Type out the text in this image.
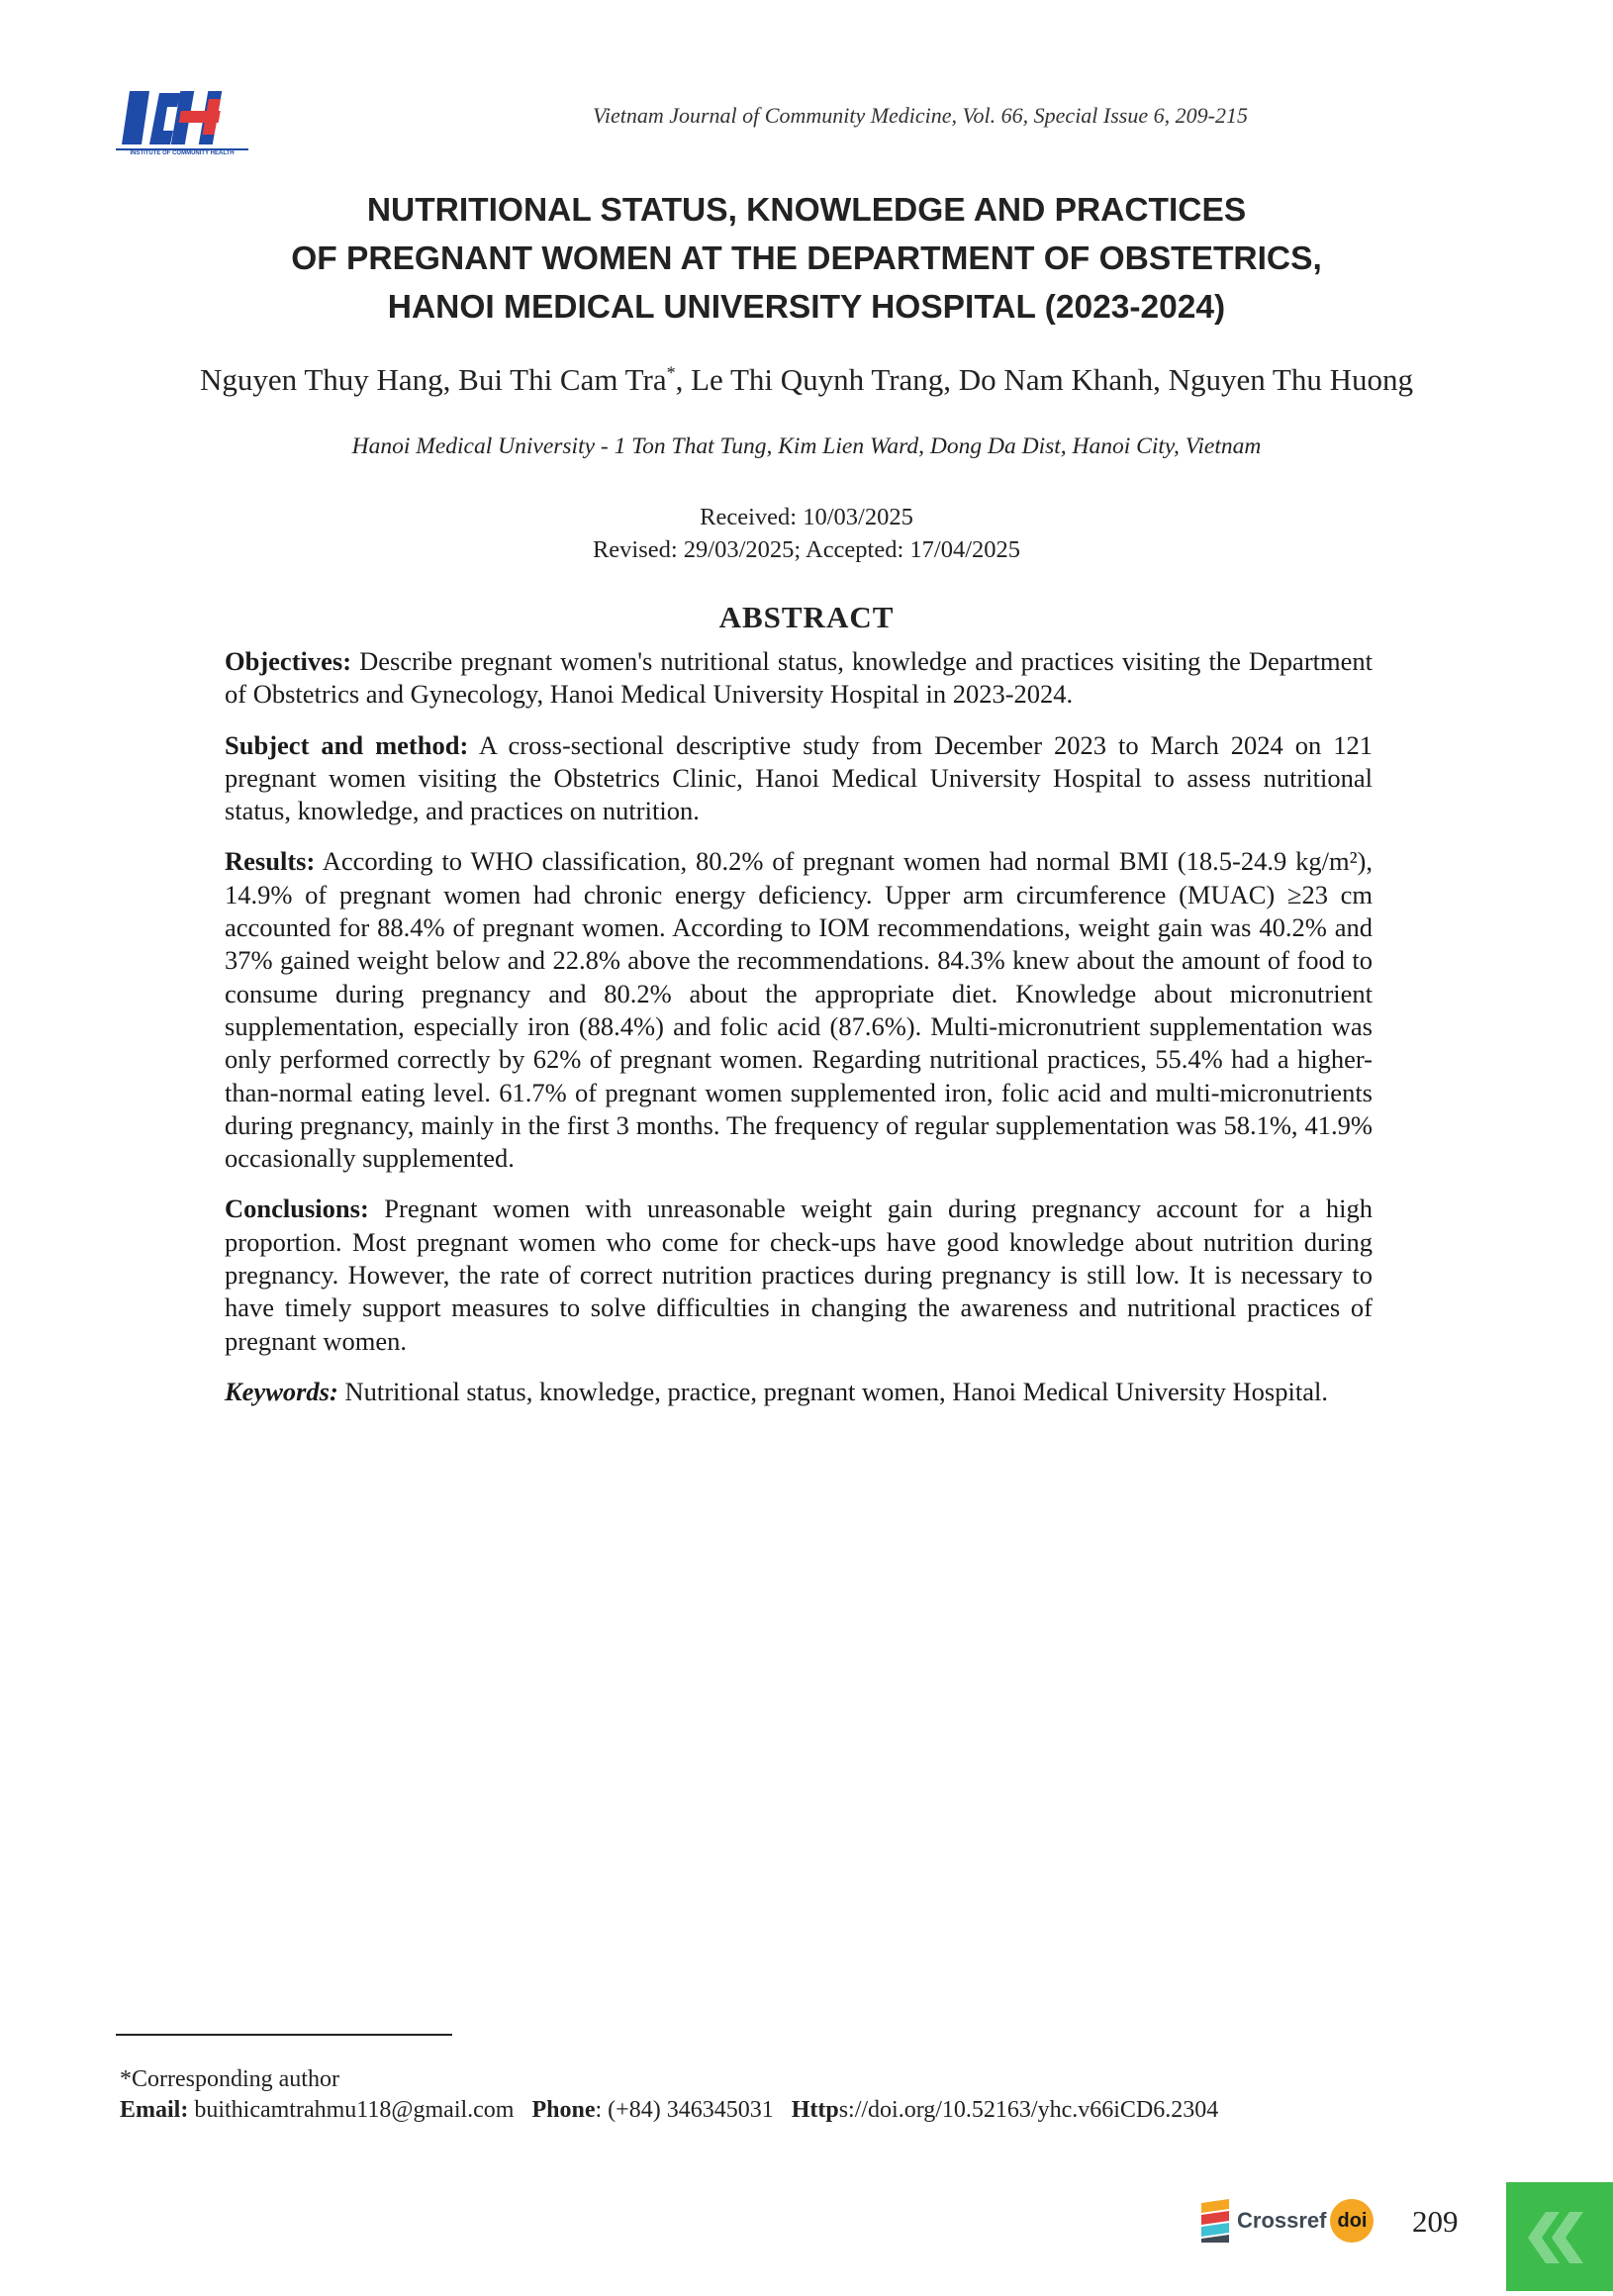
INSTITUTE OF COMMUNITY HEALTH
Vietnam Journal of Community Medicine, Vol. 66, Special Issue 6, 209-215
NUTRITIONAL STATUS, KNOWLEDGE AND PRACTICES
OF PREGNANT WOMEN AT THE DEPARTMENT OF OBSTETRICS,
HANOI MEDICAL UNIVERSITY HOSPITAL (2023-2024)
Nguyen Thuy Hang, Bui Thi Cam Tra*, Le Thi Quynh Trang, Do Nam Khanh, Nguyen Thu Huong
Hanoi Medical University - 1 Ton That Tung, Kim Lien Ward, Dong Da Dist, Hanoi City, Vietnam
Received: 10/03/2025
Revised: 29/03/2025; Accepted: 17/04/2025
ABSTRACT

Objectives: Describe pregnant women's nutritional status, knowledge and practices visiting the Department of Obstetrics and Gynecology, Hanoi Medical University Hospital in 2023-2024.

Subject and method: A cross-sectional descriptive study from December 2023 to March 2024 on 121 pregnant women visiting the Obstetrics Clinic, Hanoi Medical University Hospital to assess nutritional status, knowledge, and practices on nutrition.

Results: According to WHO classification, 80.2% of pregnant women had normal BMI (18.5-24.9 kg/m²), 14.9% of pregnant women had chronic energy deficiency. Upper arm circumference (MUAC) ≥23 cm accounted for 88.4% of pregnant women. According to IOM recommendations, weight gain was 40.2% and 37% gained weight below and 22.8% above the recommendations. 84.3% knew about the amount of food to consume during pregnancy and 80.2% about the appropriate diet. Knowledge about micronutrient supplementation, especially iron (88.4%) and folic acid (87.6%). Multi-micronutrient supplementation was only performed correctly by 62% of pregnant women. Regarding nutritional practices, 55.4% had a higher-than-normal eating level. 61.7% of pregnant women supplemented iron, folic acid and multi-micronutrients during pregnancy, mainly in the first 3 months. The frequency of regular supplementation was 58.1%, 41.9% occasionally supplemented.

Conclusions: Pregnant women with unreasonable weight gain during pregnancy account for a high proportion. Most pregnant women who come for check-ups have good knowledge about nutrition during pregnancy. However, the rate of correct nutrition practices during pregnancy is still low. It is necessary to have timely support measures to solve difficulties in changing the awareness and nutritional practices of pregnant women.

Keywords: Nutritional status, knowledge, practice, pregnant women, Hanoi Medical University Hospital.

*Corresponding author
Email: buithicamtrahmu118@gmail.com Phone: (+84) 346345031 Https://doi.org/10.52163/yhc.v66iCD6.2304
Crossref doi 209
